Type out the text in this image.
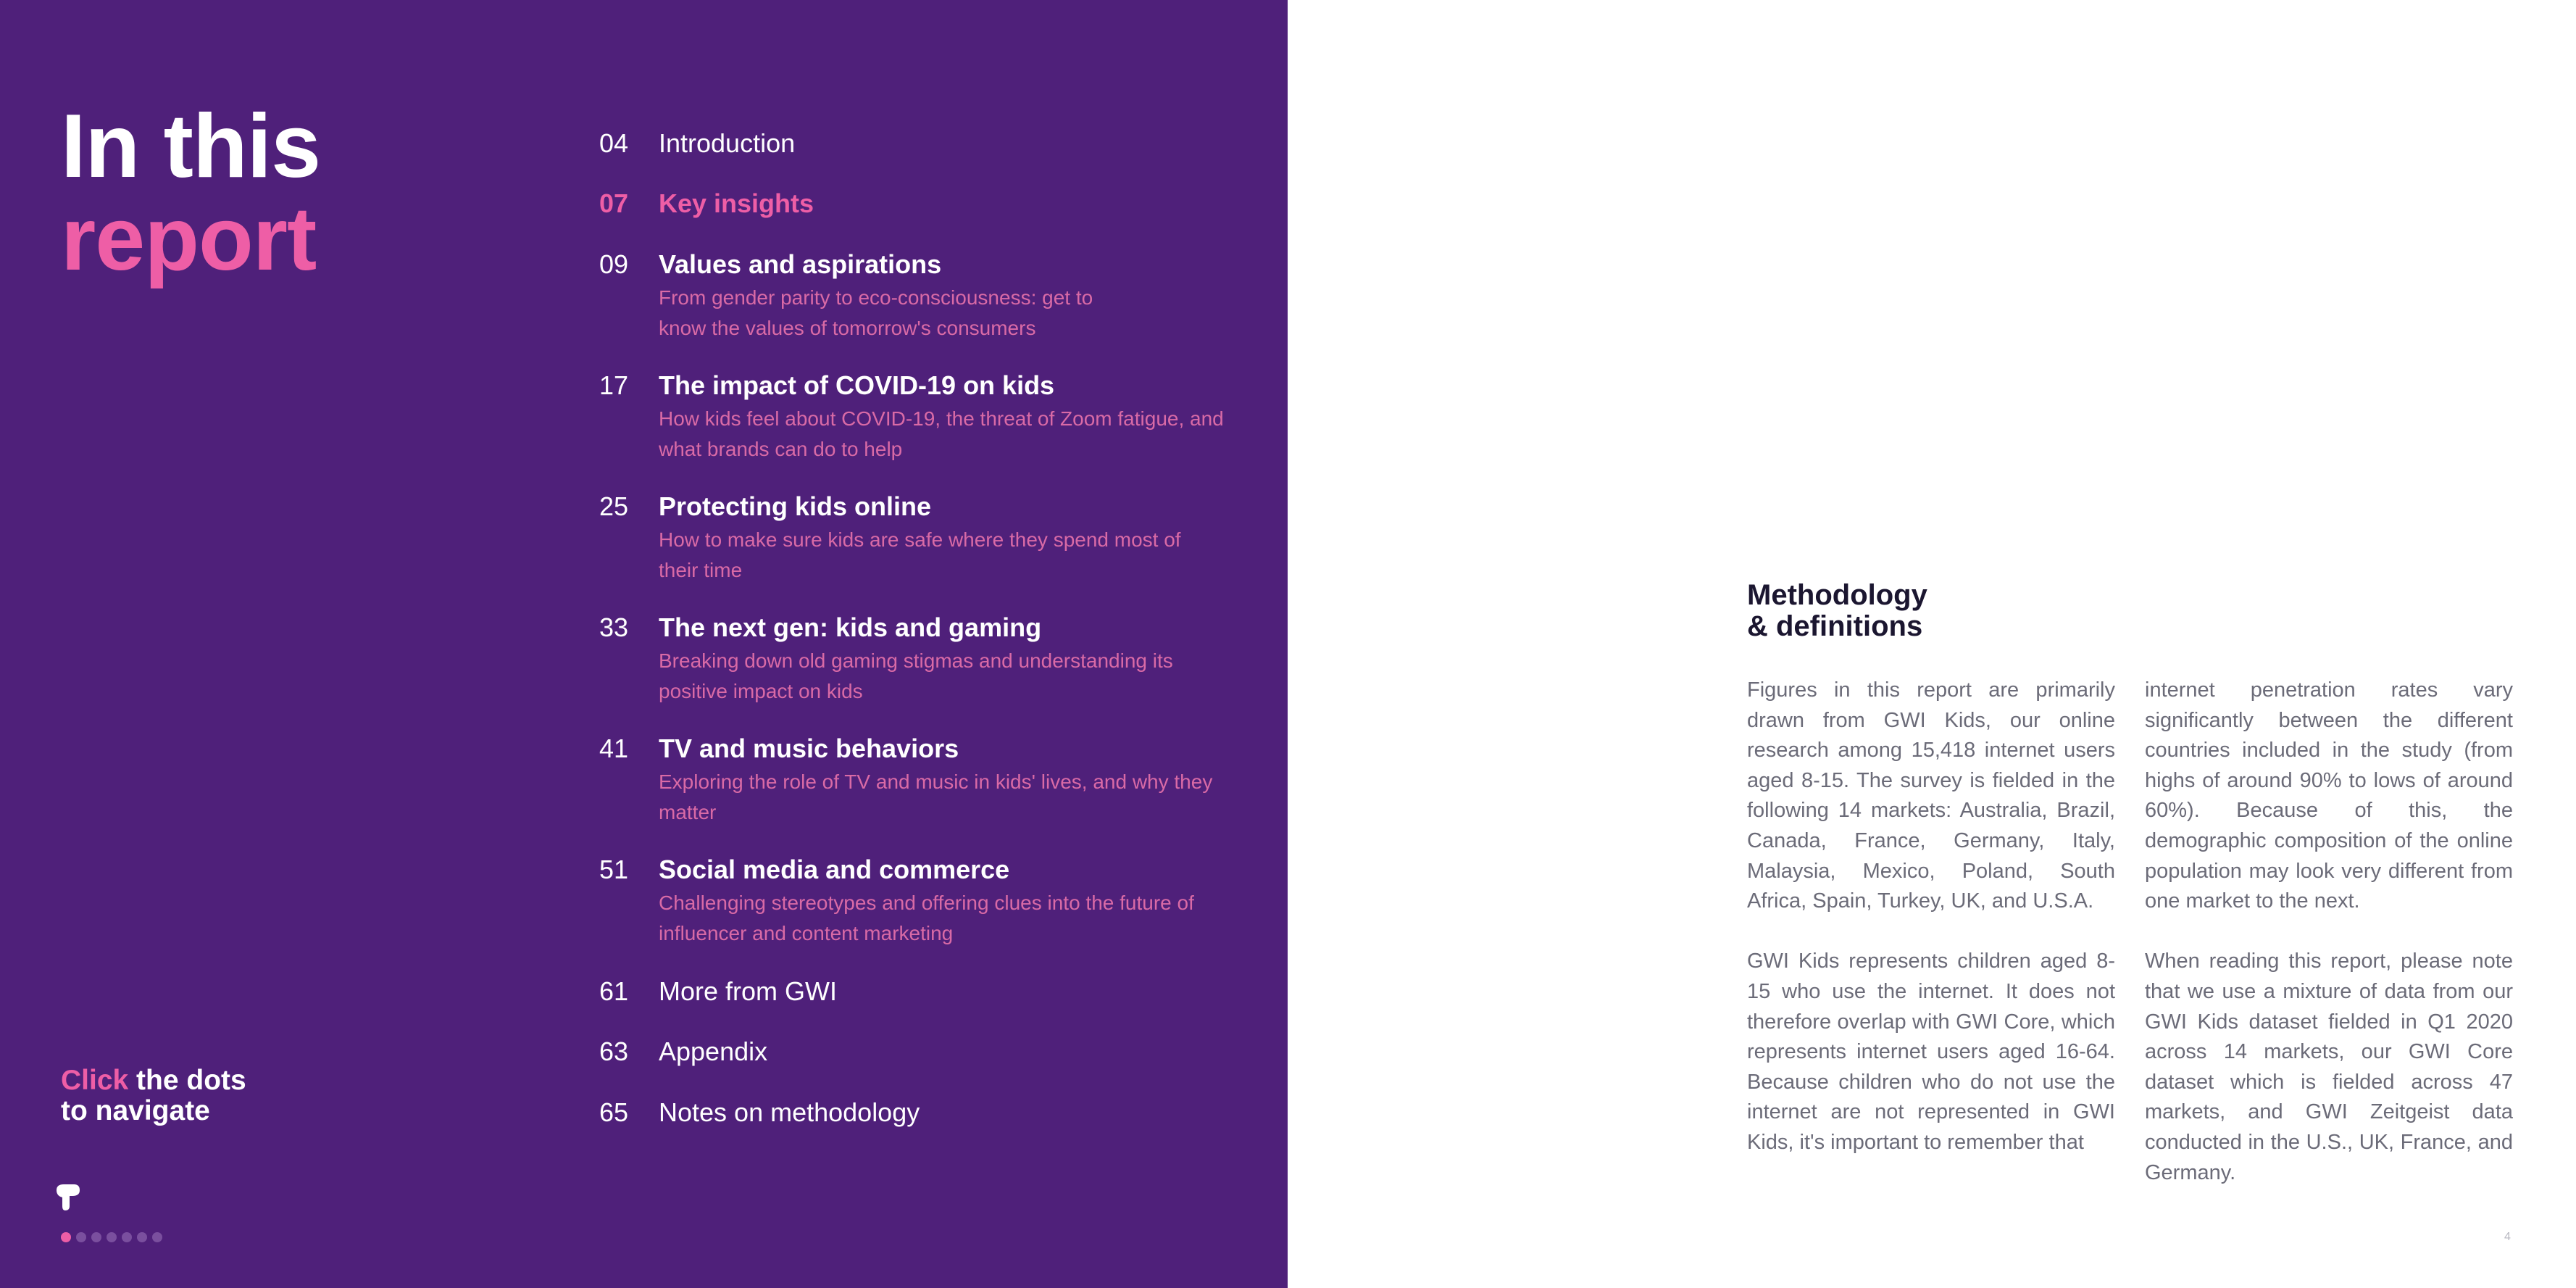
In this
report
04 Introduction
07 Key insights
09 Values and aspirations
From gender parity to eco-consciousness: get to know the values of tomorrow's consumers
17 The impact of COVID-19 on kids
How kids feel about COVID-19, the threat of Zoom fatigue, and what brands can do to help
25 Protecting kids online
How to make sure kids are safe where they spend most of their time
33 The next gen: kids and gaming
Breaking down old gaming stigmas and understanding its positive impact on kids
41 TV and music behaviors
Exploring the role of TV and music in kids' lives, and why they matter
51 Social media and commerce
Challenging stereotypes and offering clues into the future of influencer and content marketing
61 More from GWI
63 Appendix
65 Notes on methodology
Click the dots
to navigate
Methodology
& definitions

Figures in this report are primarily drawn from GWI Kids, our online research among 15,418 internet users aged 8-15. The survey is fielded in the following 14 markets: Australia, Brazil, Canada, France, Germany, Italy, Malaysia, Mexico, Poland, South Africa, Spain, Turkey, UK, and U.S.A.

GWI Kids represents children aged 8-15 who use the internet. It does not therefore overlap with GWI Core, which represents internet users aged 16-64. Because children who do not use the internet are not represented in GWI Kids, it's important to remember that

internet penetration rates vary significantly between the different countries included in the study (from highs of around 90% to lows of around 60%). Because of this, the demographic composition of the online population may look very different from one market to the next.

When reading this report, please note that we use a mixture of data from our GWI Kids dataset fielded in Q1 2020 across 14 markets, our GWI Core dataset which is fielded across 47 markets, and GWI Zeitgeist data conducted in the U.S., UK, France, and Germany.

4
